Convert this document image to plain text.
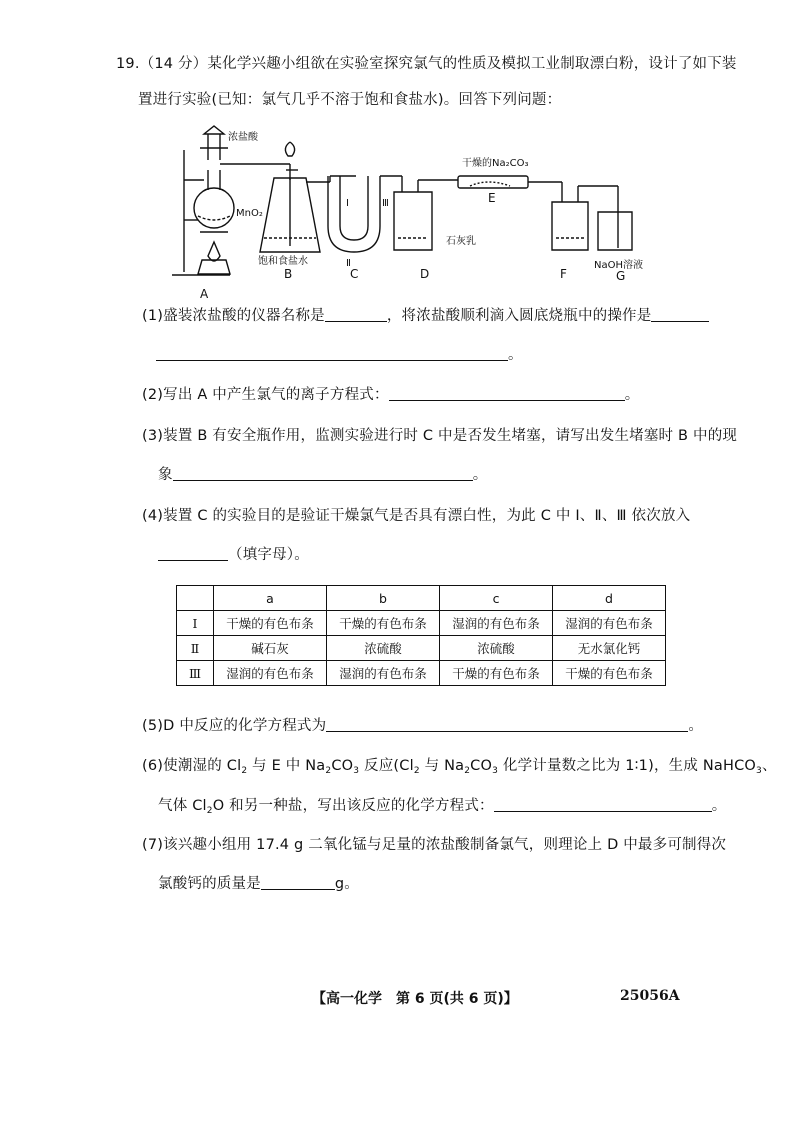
19.（14 分）某化学兴趣小组欲在实验室探究氯气的性质及模拟工业制取漂白粉，设计了如下装
置进行实验(已知：氯气几乎不溶于饱和食盐水)。回答下列问题：
浓盐酸
MnO₂
饱和食盐水
干燥的Na₂CO₃
石灰乳
NaOH溶液
Ⅰ
Ⅱ
Ⅲ
A
B	C	D
E
F	G
(1)盛装浓盐酸的仪器名称是	，将浓盐酸顺利滴入圆底烧瓶中的操作是
。
(2)写出 A 中产生氯气的离子方程式：	。
(3)装置 B 有安全瓶作用，监测实验进行时 C 中是否发生堵塞，请写出发生堵塞时 B 中的现
象	。
(4)装置 C 的实验目的是验证干燥氯气是否具有漂白性，为此 C 中 Ⅰ、Ⅱ、Ⅲ 依次放入
（填字母）。
	a	b	c	d
Ⅰ	干燥的有色布条	干燥的有色布条	湿润的有色布条	湿润的有色布条
Ⅱ	碱石灰	浓硫酸	浓硫酸	无水氯化钙
Ⅲ	湿润的有色布条	湿润的有色布条	干燥的有色布条	干燥的有色布条
(5)D 中反应的化学方程式为	。
(6)使潮湿的 $Cl_2$ 与 E 中 $Na_2CO_3$ 反应($Cl_2$ 与 $Na_2CO_3$ 化学计量数之比为 1∶1)，生成 NaHCO$_3$、
气体 $Cl_2O$ 和另一种盐，写出该反应的化学方程式：	。
(7)该兴趣小组用 17.4 g 二氧化锰与足量的浓盐酸制备氯气，则理论上 D 中最多可制得次
氯酸钙的质量是	g。
【高一化学　第 6 页(共 6 页)】	25056A
